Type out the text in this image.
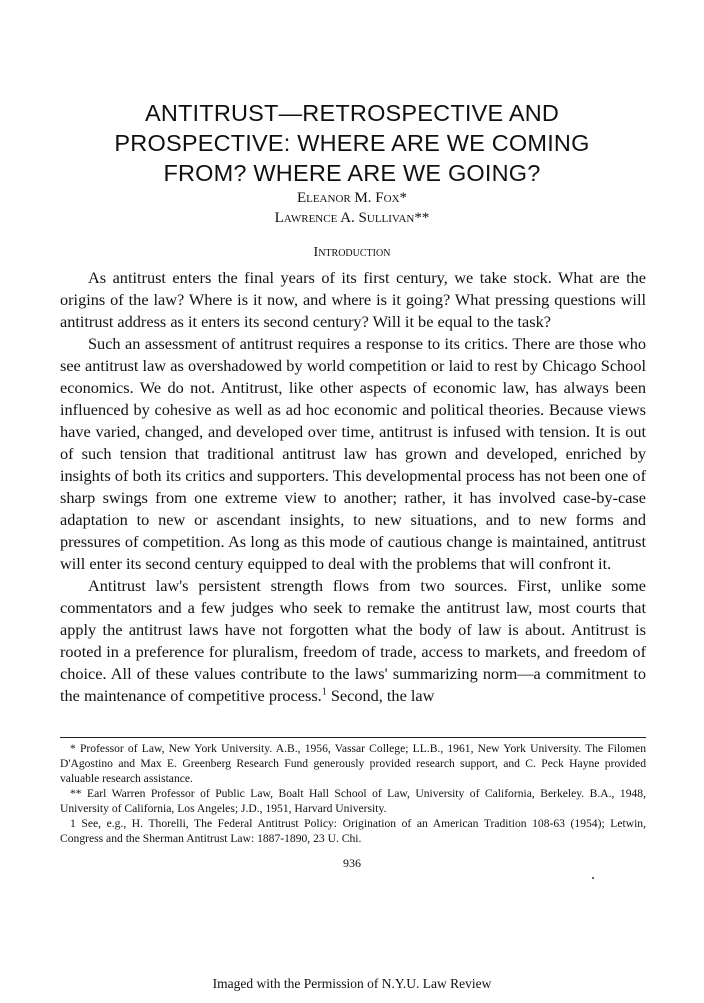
ANTITRUST—RETROSPECTIVE AND
PROSPECTIVE: WHERE ARE WE COMING
FROM? WHERE ARE WE GOING?
Eleanor M. Fox*
Lawrence A. Sullivan**
Introduction

As antitrust enters the final years of its first century, we take stock. What are the origins of the law? Where is it now, and where is it going? What pressing questions will antitrust address as it enters its second century? Will it be equal to the task?

Such an assessment of antitrust requires a response to its critics. There are those who see antitrust law as overshadowed by world competition or laid to rest by Chicago School economics. We do not. Antitrust, like other aspects of economic law, has always been influenced by cohesive as well as ad hoc economic and political theories. Because views have varied, changed, and developed over time, antitrust is infused with tension. It is out of such tension that traditional antitrust law has grown and developed, enriched by insights of both its critics and supporters. This developmental process has not been one of sharp swings from one extreme view to another; rather, it has involved case-by-case adaptation to new or ascendant insights, to new situations, and to new forms and pressures of competition. As long as this mode of cautious change is maintained, antitrust will enter its second century equipped to deal with the problems that will confront it.

Antitrust law's persistent strength flows from two sources. First, unlike some commentators and a few judges who seek to remake the antitrust law, most courts that apply the antitrust laws have not forgotten what the body of law is about. Antitrust is rooted in a preference for pluralism, freedom of trade, access to markets, and freedom of choice. All of these values contribute to the laws' summarizing norm—a commitment to the maintenance of competitive process.$^1$ Second, the law

* Professor of Law, New York University. A.B., 1956, Vassar College; LL.B., 1961, New York University. The Filomen D'Agostino and Max E. Greenberg Research Fund generously provided research support, and C. Peck Hayne provided valuable research assistance.

** Earl Warren Professor of Public Law, Boalt Hall School of Law, University of California, Berkeley. B.A., 1948, University of California, Los Angeles; J.D., 1951, Harvard University.

1 See, e.g., H. Thorelli, The Federal Antitrust Policy: Origination of an American Tradition 108-63 (1954); Letwin, Congress and the Sherman Antitrust Law: 1887-1890, 23 U. Chi.

936
Imaged with the Permission of N.Y.U. Law Review
